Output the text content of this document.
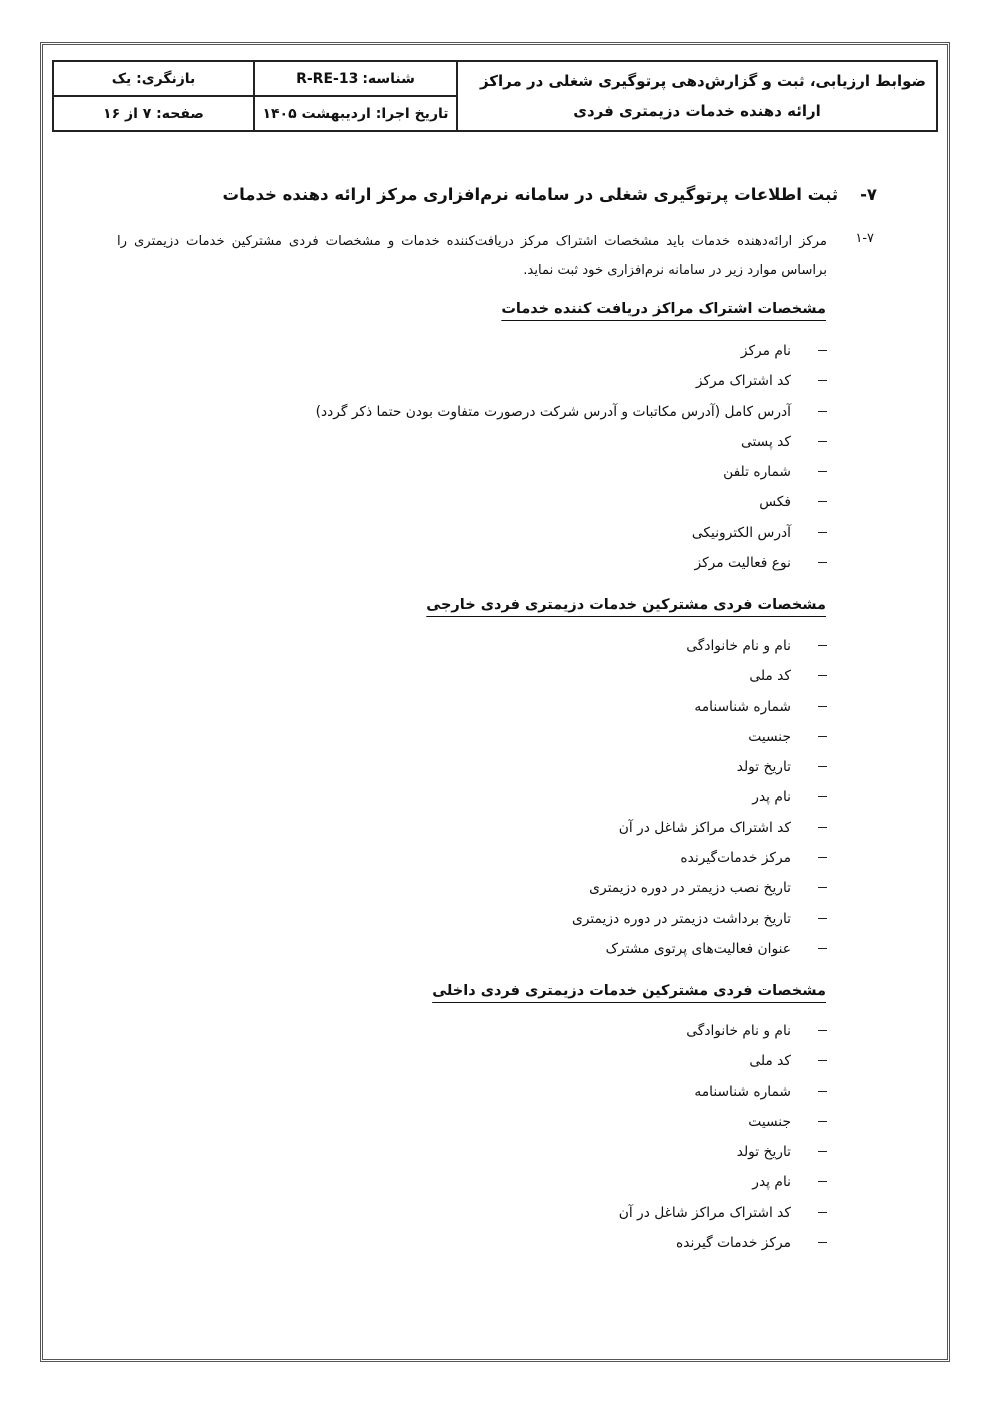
ضوابط ارزیابی، ثبت و گزارش‌دهی پرتوگیری شغلی در مراکز
ارائه دهنده خدمات دزیمتری فردی
شناسه:
R-RE-13
تاریخ اجرا: اردیبهشت ۱۴۰۵
بازنگری: یک
صفحه: ۷ از ۱۶
۷-
ثبت اطلاعات پرتوگیری شغلی در سامانه نرم‌افزاری مرکز ارائه دهنده خدمات
۱-۷
مرکز ارائه‌دهنده خدمات باید مشخصات اشتراک مرکز دریافت‌کننده خدمات و مشخصات فردی مشترکین خدمات دزیمتری را براساس موارد زیر در سامانه نرم‌افزاری خود ثبت نماید.
مشخصات اشتراک مراکز دریافت کننده خدمات
نام مرکز
کد اشتراک مرکز
آدرس کامل (آدرس مکاتبات و آدرس شرکت درصورت متفاوت بودن حتما ذکر گردد)
کد پستی
شماره تلفن
فکس
آدرس الکترونیکی
نوع فعالیت مرکز
مشخصات فردی مشترکین خدمات دزیمتری فردی خارجی
نام و نام خانوادگی
کد ملی
شماره شناسنامه
جنسیت
تاریخ تولد
نام پدر
کد اشتراک مراکز شاغل در آن
مرکز خدمات‌گیرنده
تاریخ نصب دزیمتر در دوره دزیمتری
تاریخ برداشت دزیمتر در دوره دزیمتری
عنوان فعالیت‌های پرتوی مشترک
مشخصات فردی مشترکین خدمات دزیمتری فردی داخلی
نام و نام خانوادگی
کد ملی
شماره شناسنامه
جنسیت
تاریخ تولد
نام پدر
کد اشتراک مراکز شاغل در آن
مرکز خدمات گیرنده
